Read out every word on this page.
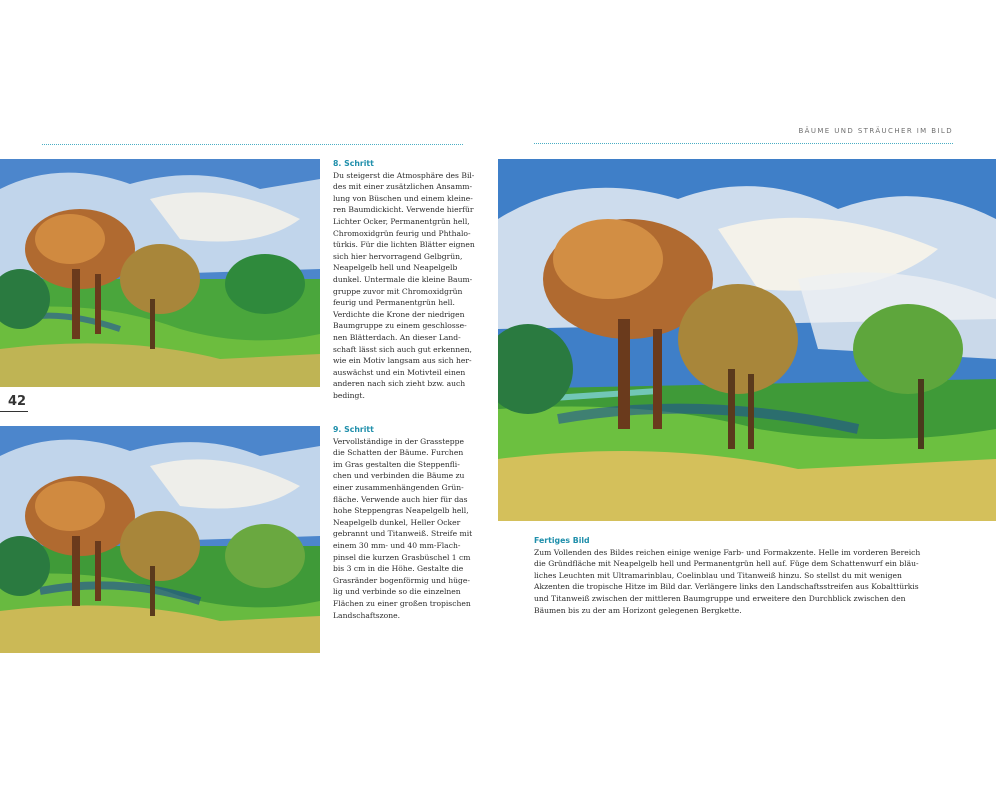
BÄUME UND STRÄUCHER IM BILD
42
8. Schritt

Du steigerst die Atmosphäre des Bil-

des mit einer zusätzlichen Ansamm-

lung von Büschen und einem kleine-

ren Baumdickicht. Verwende hierfür

Lichter Ocker, Permanentgrün hell,

Chromoxidgrün feurig und Phthalo-

türkis. Für die lichten Blätter eignen

sich hier hervorragend Gelbgrün,

Neapelgelb hell und Neapelgelb

dunkel. Untermale die kleine Baum-

gruppe zuvor mit Chromoxidgrün

feurig und Permanentgrün hell.

Verdichte die Krone der niedrigen

Baumgruppe zu einem geschlosse-

nen Blätterdach. An dieser Land-

schaft lässt sich auch gut erkennen,

wie ein Motiv langsam aus sich her-

auswächst und ein Motivteil einen

anderen nach sich zieht bzw. auch

bedingt.

9. Schritt

Vervollständige in der Grassteppe

die Schatten der Bäume. Furchen

im Gras gestalten die Steppenfli-

chen und verbinden die Bäume zu

einer zusammenhängenden Grün-

fläche. Verwende auch hier für das

hohe Steppengras Neapelgelb hell,

Neapelgelb dunkel, Heller Ocker

gebrannt und Titanweiß. Streife mit

einem 30 mm- und 40 mm-Flach-

pinsel die kurzen Grasbüschel 1 cm

bis 3 cm in die Höhe. Gestalte die

Grasränder bogenförmig und hüge-

lig und verbinde so die einzelnen

Flächen zu einer großen tropischen

Landschaftszone.

Fertiges Bild

Zum Vollenden des Bildes reichen einige wenige Farb- und Formakzente. Helle im vorderen Bereich

die Gründfläche mit Neapelgelb hell und Permanentgrün hell auf. Füge dem Schattenwurf ein bläu-

liches Leuchten mit Ultramarinblau, Coelinblau und Titanweiß hinzu. So stellst du mit wenigen

Akzenten die tropische Hitze im Bild dar. Verlängere links den Landschaftsstreifen aus Kobalttürkis

und Titanweiß zwischen der mittleren Baumgruppe und erweitere den Durchblick zwischen den

Bäumen bis zu der am Horizont gelegenen Bergkette.
